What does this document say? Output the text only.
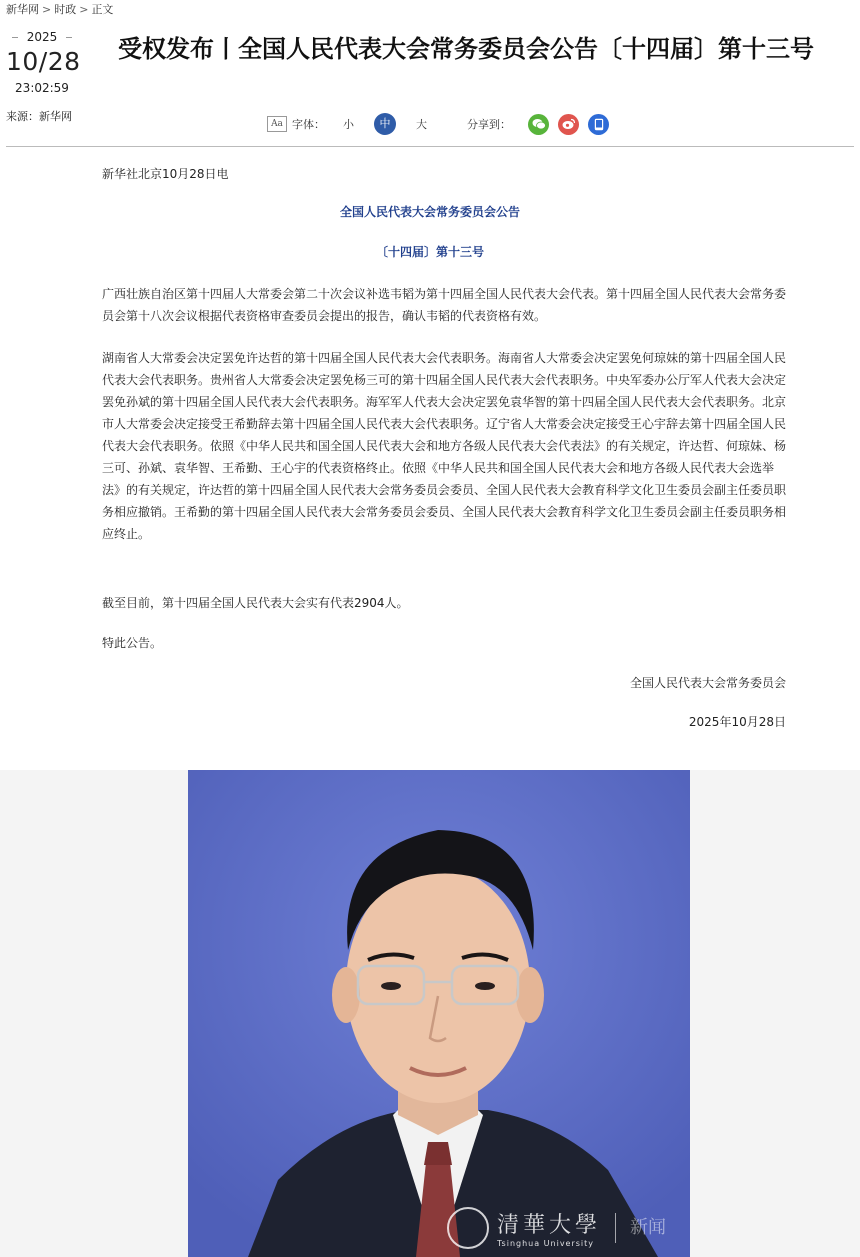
新华网 > 时政 > 正文
2025
10/28
23:02:59
来源：新华网
受权发布丨全国人民代表大会常务委员会公告〔十四届〕第十三号
Aa 字体： 小	中	大	分享到：
新华社北京10月28日电
全国人民代表大会常务委员会公告
〔十四届〕第十三号
广西壮族自治区第十四届人大常委会第二十次会议补选韦韬为第十四届全国人民代表大会代表。第十四届全国人民代表大会常务委员会第十八次会议根据代表资格审查委员会提出的报告，确认韦韬的代表资格有效。
湖南省人大常委会决定罢免许达哲的第十四届全国人民代表大会代表职务。海南省人大常委会决定罢免何琼妹的第十四届全国人民代表大会代表职务。贵州省人大常委会决定罢免杨三可的第十四届全国人民代表大会代表职务。中央军委办公厅军人代表大会决定罢免孙斌的第十四届全国人民代表大会代表职务。海军军人代表大会决定罢免袁华智的第十四届全国人民代表大会代表职务。北京市人大常委会决定接受王希勤辞去第十四届全国人民代表大会代表职务。辽宁省人大常委会决定接受王心宇辞去第十四届全国人民代表大会代表职务。依照《中华人民共和国全国人民代表大会和地方各级人民代表大会代表法》的有关规定，许达哲、何琼妹、杨三可、孙斌、袁华智、王希勤、王心宇的代表资格终止。依照《中华人民共和国全国人民代表大会和地方各级人民代表大会选举法》的有关规定，许达哲的第十四届全国人民代表大会常务委员会委员、全国人民代表大会教育科学文化卫生委员会副主任委员职务相应撤销。王希勤的第十四届全国人民代表大会常务委员会委员、全国人民代表大会教育科学文化卫生委员会副主任委员职务相应终止。
截至目前，第十四届全国人民代表大会实有代表2904人。
特此公告。
全国人民代表大会常务委员会
2025年10月28日
清華大學
Tsinghua University
新闻
